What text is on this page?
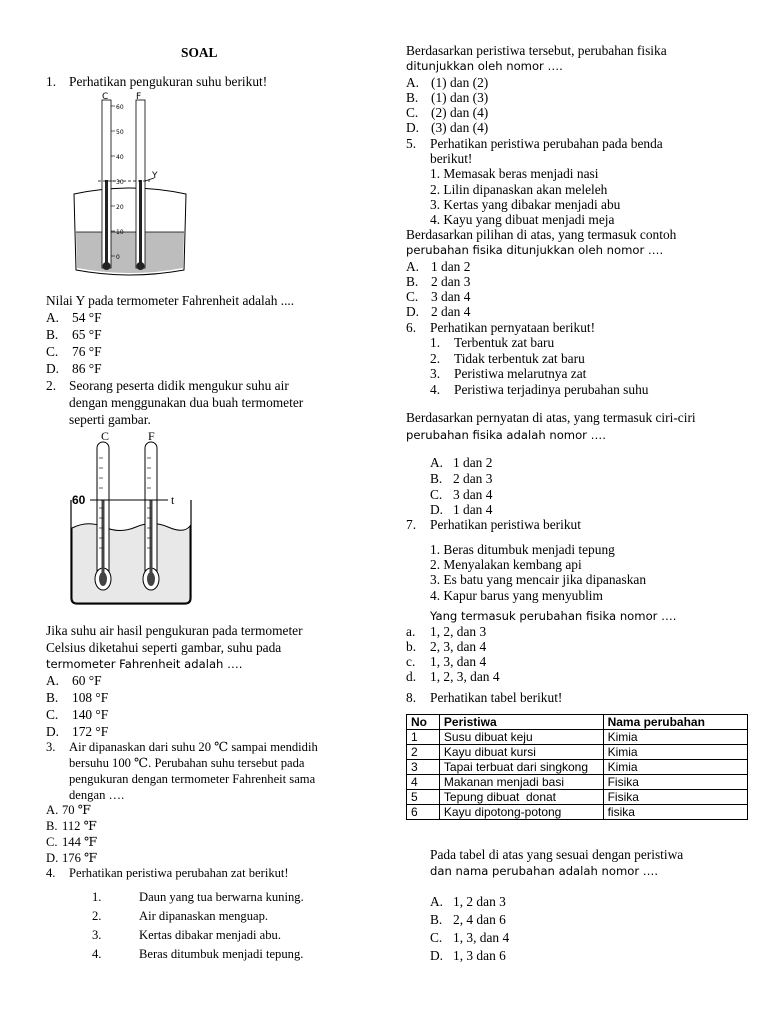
SOAL
1. Perhatikan pengukuran suhu berikut!
60
50
40
30
20
10
0
C	F
Y
Nilai Y pada termometer Fahrenheit adalah ....
A. 54 °F
B. 65 °F
C. 76 °F
D. 86 °F
2. Seorang peserta didik mengukur suhu air
dengan menggunakan dua buah termometer
seperti gambar.
C	F
60	t
Jika suhu air hasil pengukuran pada termometer
Celsius diketahui seperti gambar, suhu pada
termometer Fahrenheit adalah ….
A. 60 °F
B. 108 °F
C. 140 °F
D. 172 °F
3. Air dipanaskan dari suhu 20 ℃ sampai mendidih
bersuhu 100 ℃. Perubahan suhu tersebut pada
pengukuran dengan termometer Fahrenheit sama
dengan ….
A. 70 ℉
B. 112 ℉
C. 144 ℉
D. 176 ℉
4. Perhatikan peristiwa perubahan zat berikut!
1.	Daun yang tua berwarna kuning.
2.	Air dipanaskan menguap.
3.	Kertas dibakar menjadi abu.
4.	Beras ditumbuk menjadi tepung.
Berdasarkan peristiwa tersebut, perubahan fisika
ditunjukkan oleh nomor ….
A. (1) dan (2)
B. (1) dan (3)
C. (2) dan (4)
D. (3) dan (4)
5. Perhatikan peristiwa perubahan pada benda
berikut!
1. Memasak beras menjadi nasi
2. Lilin dipanaskan akan meleleh
3. Kertas yang dibakar menjadi abu
4. Kayu yang dibuat menjadi meja
Berdasarkan pilihan di atas, yang termasuk contoh
perubahan fisika ditunjukkan oleh nomor ….
A. 1 dan 2
B. 2 dan 3
C. 3 dan 4
D. 2 dan 4
6. Perhatikan pernyataan berikut!
1. Terbentuk zat baru
2. Tidak terbentuk zat baru
3. Peristiwa melarutnya zat
4. Peristiwa terjadinya perubahan suhu
Berdasarkan pernyatan di atas, yang termasuk ciri-ciri
perubahan fisika adalah nomor ….
A. 1 dan 2
B. 2 dan 3
C. 3 dan 4
D. 1 dan 4
7. Perhatikan peristiwa berikut
1. Beras ditumbuk menjadi tepung
2. Menyalakan kembang api
3. Es batu yang mencair jika dipanaskan
4. Kapur barus yang menyublim
Yang termasuk perubahan fisika nomor ….
a. 1, 2, dan 3
b. 2, 3, dan 4
c. 1, 3, dan 4
d. 1, 2, 3, dan 4
8. Perhatikan tabel berikut!
Pada tabel di atas yang sesuai dengan peristiwa
dan nama perubahan adalah nomor ….
A. 1, 2 dan 3
B. 2, 4 dan 6
C. 1, 3, dan 4
D. 1, 3 dan 6
No	Peristiwa	Nama perubahan
1	Susu dibuat keju	Kimia
2	Kayu dibuat kursi	Kimia
3	Tapai terbuat dari singkong	Kimia
4	Makanan menjadi basi	Fisika
5	Tepung dibuat  donat	Fisika
6	Kayu dipotong-potong	fisika
